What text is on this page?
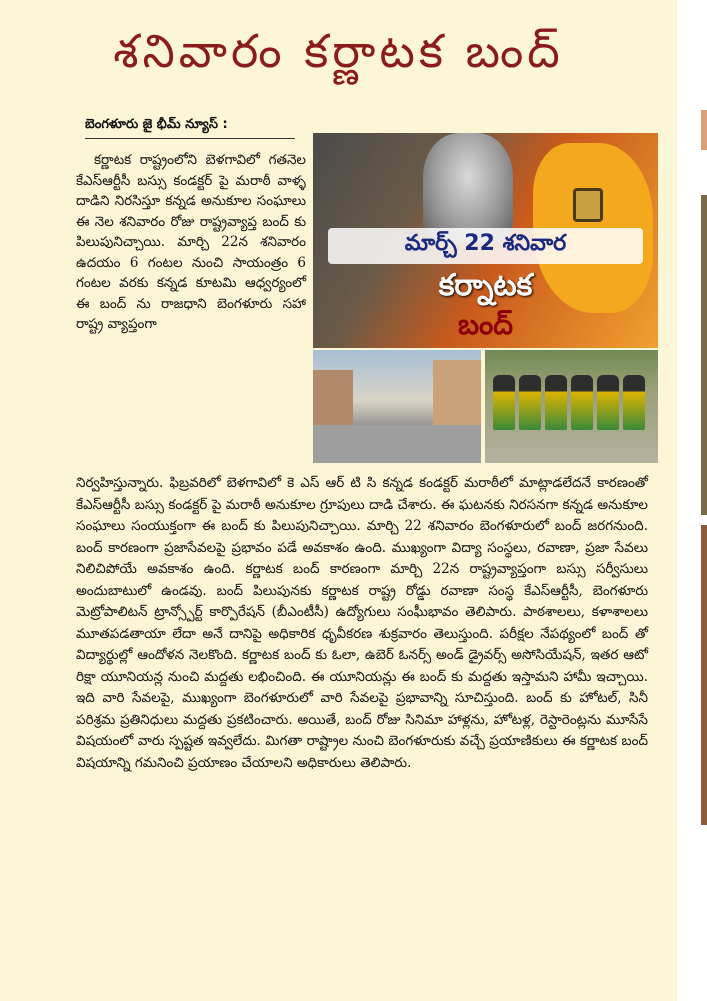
శనివారం కర్ణాటక బంద్
బెంగళూరు జై భీమ్ న్యూస్ :
కర్ణాటక రాష్ట్రంలోని బెళగావిలో గతనెల కేఎస్ఆర్టీసీ బస్సు కండక్టర్ పై మరాఠీ వాళ్ళ దాడిని నిరసిస్తూ కన్నడ అనుకూల సంఘాలు ఈ నెల శనివారం రోజు రాష్ట్రవ్యాప్త బంద్ కు పిలుపునిచ్చాయి. మార్చి 22న శనివారం ఉదయం 6 గంటల నుంచి సాయంత్రం 6 గంటల వరకు కన్నడ కూటమి ఆధ్వర్యంలో ఈ బంద్ ను రాజధాని బెంగళూరు సహా రాష్ట్ర వ్యాప్తంగా
మార్చ్ 22 శనివార
కర్నాటక
బంద్
నిర్వహిస్తున్నారు. ఫిబ్రవరిలో బెళగావిలో కె ఎస్ ఆర్ టి సి కన్నడ కండక్టర్ మరాఠీలో మాట్లాడలేదనే కారణంతో కేఎస్ఆర్టీసీ బస్సు కండక్టర్ పై మరాఠీ అనుకూల గ్రూపులు దాడి చేశారు. ఈ ఘటనకు నిరసనగా కన్నడ అనుకూల సంఘాలు సంయుక్తంగా ఈ బంద్ కు పిలుపునిచ్చాయి. మార్చి 22 శనివారం బెంగళూరులో బంద్ జరగనుంది. బంద్ కారణంగా ప్రజాసేవలపై ప్రభావం పడే అవకాశం ఉంది. ముఖ్యంగా విద్యా సంస్థలు, రవాణా, ప్రజా సేవలు నిలిచిపోయే అవకాశం ఉంది. కర్ణాటక బంద్ కారణంగా మార్చి 22న రాష్ట్రవ్యాప్తంగా బస్సు సర్వీసులు అందుబాటులో ఉండవు. బంద్ పిలుపునకు కర్ణాటక రాష్ట్ర రోడ్డు రవాణా సంస్థ కేఎస్ఆర్టీసీ, బెంగళూరు మెట్రోపాలిటన్ ట్రాన్స్పోర్ట్ కార్పొరేషన్ (బీఎంటీసీ) ఉద్యోగులు సంఘీభావం తెలిపారు. పాఠశాలలు, కళాశాలలు మూతపడతాయా లేదా అనే దానిపై అధికారిక ధృవీకరణ శుక్రవారం తెలుస్తుంది. పరీక్షల నేపథ్యంలో బంద్ తో విద్యార్థుల్లో ఆందోళన నెలకొంది. కర్ణాటక బంద్ కు ఓలా, ఉబెర్ ఓనర్స్ అండ్ డ్రైవర్స్ అసోసియేషన్, ఇతర ఆటో రిక్షా యూనియన్ల నుంచి మద్దతు లభించింది. ఈ యూనియన్లు ఈ బంద్ కు మద్దతు ఇస్తామని హామీ ఇచ్చాయి. ఇది వారి సేవలపై, ముఖ్యంగా బెంగళూరులో వారి సేవలపై ప్రభావాన్ని సూచిస్తుంది. బంద్ కు హోటల్, సినీ పరిశ్రమ ప్రతినిధులు మద్దతు ప్రకటించారు. అయితే, బంద్ రోజు సినిమా హాళ్లను, హోటళ్ల, రెస్టారెంట్లను మూసేసే విషయంలో వారు స్పష్టత ఇవ్వలేదు. మిగతా రాష్ట్రాల నుంచి బెంగళూరుకు వచ్చే ప్రయాణికులు ఈ కర్ణాటక బంద్ విషయాన్ని గమనించి ప్రయాణం చేయాలని అధికారులు తెలిపారు.
